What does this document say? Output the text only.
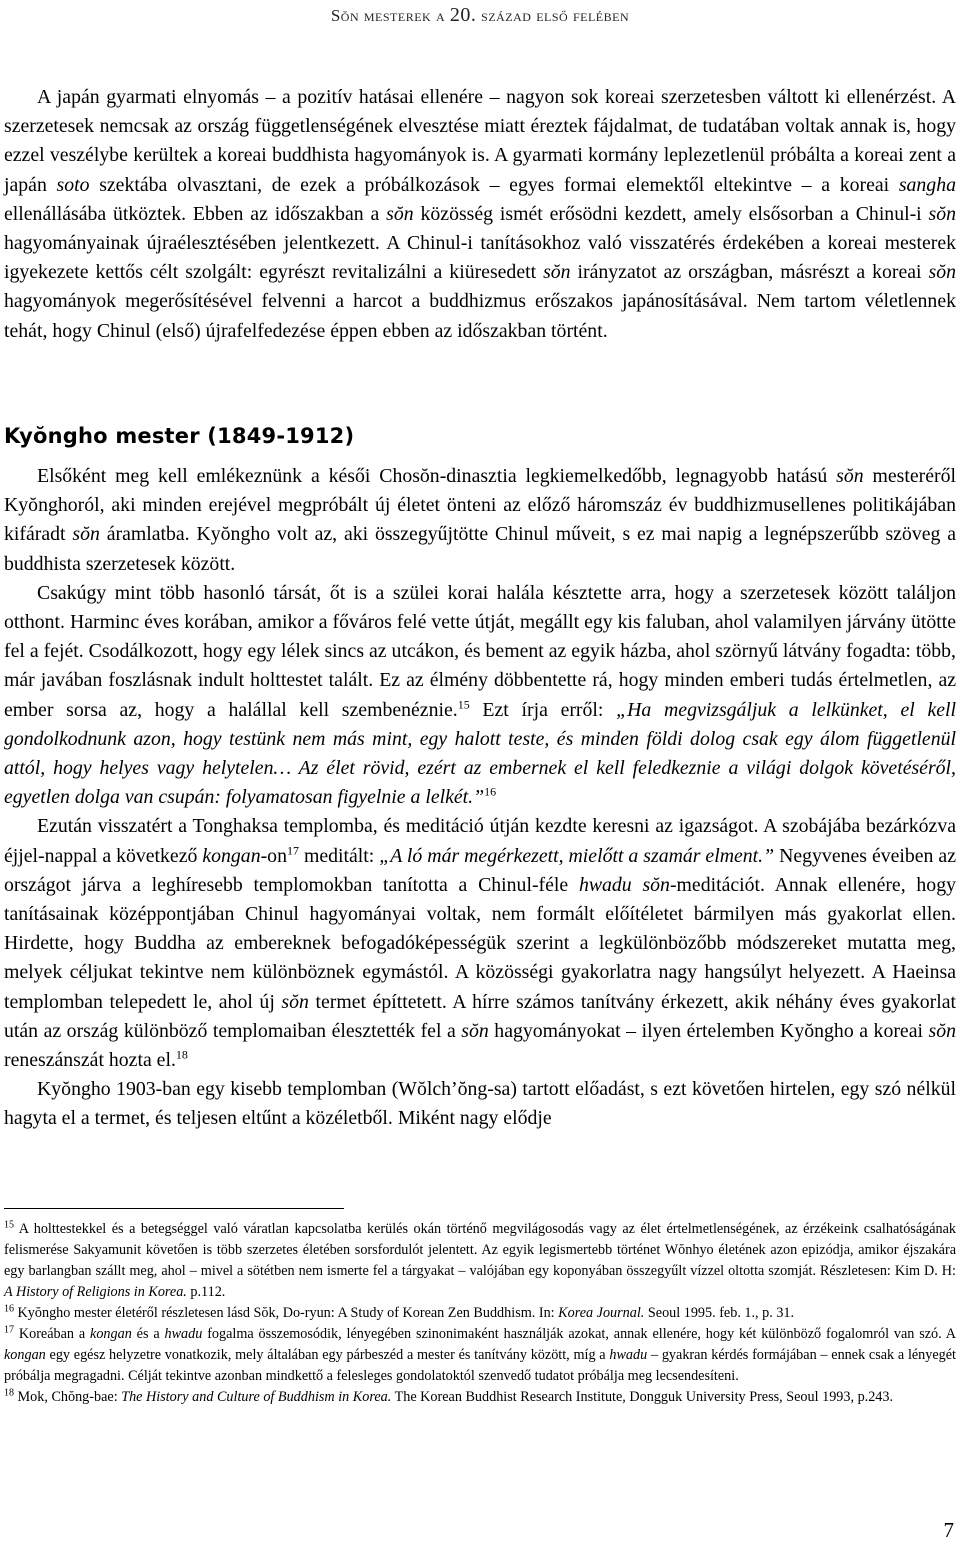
Sŏn mesterek a 20. század első felében

A japán gyarmati elnyomás – a pozitív hatásai ellenére – nagyon sok koreai szerzetesben váltott ki ellenérzést. A szerzetesek nemcsak az ország függetlenségének elvesztése miatt éreztek fájdalmat, de tudatában voltak annak is, hogy ezzel veszélybe kerültek a koreai buddhista hagyományok is. A gyarmati kormány leplezetlenül próbálta a koreai zent a japán soto szektába olvasztani, de ezek a próbálkozások – egyes formai elemektől eltekintve – a koreai sangha ellenállásába ütköztek. Ebben az időszakban a sŏn közösség ismét erősödni kezdett, amely elsősorban a Chinul-i sŏn hagyományainak újraélesztésében jelentkezett. A Chinul-i tanításokhoz való visszatérés érdekében a koreai mesterek igyekezete kettős célt szolgált: egyrészt revitalizálni a kiüresedett sŏn irányzatot az országban, másrészt a koreai sŏn hagyományok megerősítésével felvenni a harcot a buddhizmus erőszakos japánosításával. Nem tartom véletlennek tehát, hogy Chinul (első) újrafelfedezése éppen ebben az időszakban történt.

Kyŏngho mester (1849-1912)

Elsőként meg kell emlékeznünk a késői Chosŏn-dinasztia legkiemelkedőbb, legnagyobb hatású sŏn mesteréről Kyŏnghoról, aki minden erejével megpróbált új életet önteni az előző háromszáz év buddhizmusellenes politikájában kifáradt sŏn áramlatba. Kyŏngho volt az, aki összegyűjtötte Chinul műveit, s ez mai napig a legnépszerűbb szöveg a buddhista szerzetesek között.

Csakúgy mint több hasonló társát, őt is a szülei korai halála késztette arra, hogy a szerzetesek között találjon otthont. Harminc éves korában, amikor a főváros felé vette útját, megállt egy kis faluban, ahol valamilyen járvány ütötte fel a fejét. Csodálkozott, hogy egy lélek sincs az utcákon, és bement az egyik házba, ahol szörnyű látvány fogadta: több, már javában foszlásnak indult holttestet talált. Ez az élmény döbbentette rá, hogy minden emberi tudás értelmetlen, az ember sorsa az, hogy a halállal kell szembenéznie.$^{15}$ Ezt írja erről: „Ha megvizsgáljuk a lelkünket, el kell gondolkodnunk azon, hogy testünk nem más mint, egy halott teste, és minden földi dolog csak egy álom függetlenül attól, hogy helyes vagy helytelen… Az élet rövid, ezért az embernek el kell feledkeznie a világi dolgok követéséről, egyetlen dolga van csupán: folyamatosan figyelnie a lelkét.”$^{16}$

Ezután visszatért a Tonghaksa templomba, és meditáció útján kezdte keresni az igazságot. A szobájába bezárkózva éjjel-nappal a következő kongan-$on^{17}$ meditált: „A ló már megérkezett, mielőtt a szamár elment.” Negyvenes éveiben az országot járva a leghíresebb templomokban tanította a Chinul-féle hwadu sŏn-meditációt. Annak ellenére, hogy tanításainak középpontjában Chinul hagyományai voltak, nem formált előítéletet bármilyen más gyakorlat ellen. Hirdette, hogy Buddha az embereknek befogadóképességük szerint a legkülönbözőbb módszereket mutatta meg, melyek céljukat tekintve nem különböznek egymástól. A közösségi gyakorlatra nagy hangsúlyt helyezett. A Haeinsa templomban telepedett le, ahol új sŏn termet építtetett. A hírre számos tanítvány érkezett, akik néhány éves gyakorlat után az ország különböző templomaiban élesztették fel a sŏn hagyományokat – ilyen értelemben Kyŏngho a koreai sŏn reneszánszát hozta el.$^{18}$

Kyŏngho 1903-ban egy kisebb templomban (Wŏlch’ŏng-sa) tartott előadást, s ezt követően hirtelen, egy szó nélkül hagyta el a termet, és teljesen eltűnt a közéletből. Miként nagy elődje

$^{15}$ A holttestekkel és a betegséggel való váratlan kapcsolatba kerülés okán történő megvilágosodás vagy az élet értelmetlenségének, az érzékeink csalhatóságának felismerése Sakyamunit követően is több szerzetes életében sorsfordulót jelentett. Az egyik legismertebb történet Wŏnhyo életének azon epizódja, amikor éjszakára egy barlangban szállt meg, ahol – mivel a sötétben nem ismerte fel a tárgyakat – valójában egy koponyában összegyűlt vízzel oltotta szomját. Részletesen: Kim D. H: A History of Religions in Korea. p.112.

$^{16}$ Kyŏngho mester életéről részletesen lásd Sŏk, Do-ryun: A Study of Korean Zen Buddhism. In: Korea Journal. Seoul 1995. feb. 1., p. 31.

$^{17}$ Koreában a kongan és a hwadu fogalma összemosódik, lényegében szinonimaként használják azokat, annak ellenére, hogy két különböző fogalomról van szó. A kongan egy egész helyzetre vonatkozik, mely általában egy párbeszéd a mester és tanítvány között, míg a hwadu – gyakran kérdés formájában – ennek csak a lényegét próbálja megragadni. Célját tekintve azonban mindkettő a felesleges gondolatoktól szenvedő tudatot próbálja meg lecsendesíteni.

$^{18}$ Mok, Chŏng-bae: The History and Culture of Buddhism in Korea. The Korean Buddhist Research Institute, Dongguk University Press, Seoul 1993, p.243.

7
